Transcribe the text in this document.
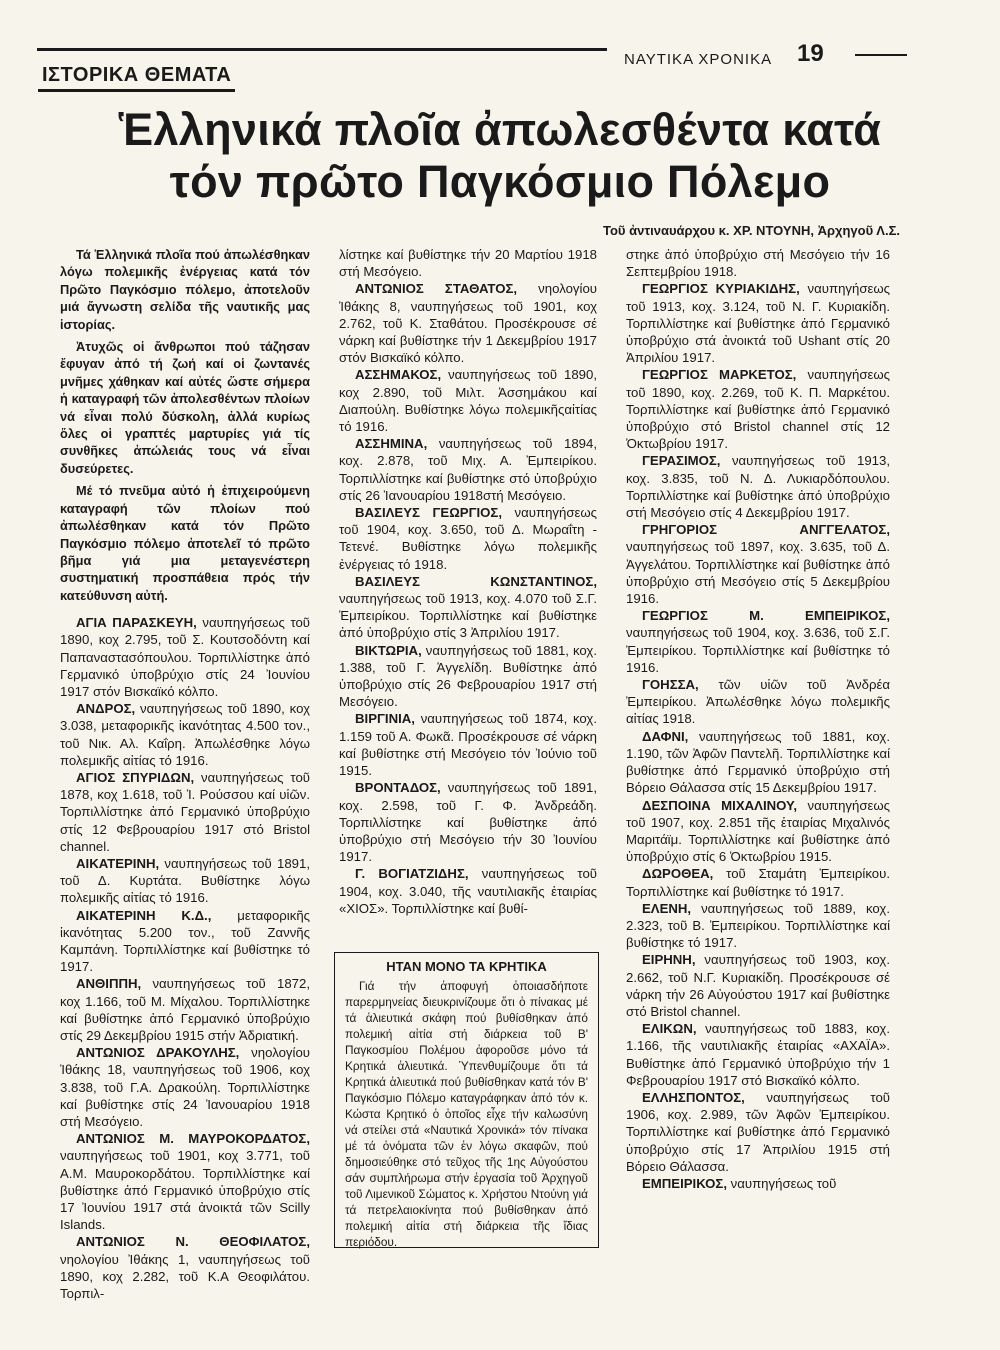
ΝΑΥΤΙΚΑ ΧΡΟΝΙΚΑ 19
ΙΣΤΟΡΙΚΑ ΘΕΜΑΤΑ
Ἑλληνικά πλοῖα ἀπωλεσθέντα κατά
τόν πρῶτο Παγκόσμιο Πόλεμο
Τοῦ ἀντιναυάρχου κ. ΧΡ. ΝΤΟΥΝΗ, Ἀρχηγοῦ Λ.Σ.

Τά Ἑλληνικά πλοῖα πού ἀπωλέσθηκαν λόγω πολεμικῆς ἐνέργειας κατά τόν Πρῶτο Παγκόσμιο πόλεμο, ἀποτελοῦν μιά ἄγνωστη σελίδα τῆς ναυτικῆς μας ἱστορίας.

Ἀτυχῶς οἱ ἄνθρωποι πού τάζησαν ἔφυγαν ἀπό τή ζωή καί οἱ ζωντανές μνῆμες χάθηκαν καί αὐτές ὥστε σήμερα ἡ καταγραφή τῶν ἀπολεσθέντων πλοίων νά εἶναι πολύ δύσκολη, ἀλλά κυρίως ὅλες οἱ γραπτές μαρτυρίες γιά τίς συνθῆκες ἀπώλειάς τους νά εἶναι δυσεύρετες.

Μέ τό πνεῦμα αὐτό ἡ ἐπιχειρούμενη καταγραφή τῶν πλοίων πού ἀπωλέσθηκαν κατά τόν Πρῶτο Παγκόσμιο πόλεμο ἀποτελεῖ τό πρῶτο βῆμα γιά μια μεταγενέστερη συστηματική προσπάθεια πρός τήν κατεύθυνση αὐτή.

ΑΓΙΑ ΠΑΡΑΣΚΕΥΗ, ναυπηγήσεως τοῦ 1890, κοχ 2.795, τοῦ Σ. Κουτσοδόντη καί Παπαναστασόπουλου. Τορπιλλίστηκε ἀπό Γερμανικό ὑποβρύχιο στίς 24 Ἰουνίου 1917 στόν Βισκαϊκό κόλπο.

ΑΝΔΡΟΣ, ναυπηγήσεως τοῦ 1890, κοχ 3.038, μεταφορικῆς ἱκανότητας 4.500 τον., τοῦ Νικ. Αλ. Καΐρη. Ἀπωλέσθηκε λόγω πολεμικῆς αἰτίας τό 1916.

ΑΓΙΟΣ ΣΠΥΡΙΔΩΝ, ναυπηγήσεως τοῦ 1878, κοχ 1.618, τοῦ Ἰ. Ρούσσου καί υἱῶν. Τορπιλλίστηκε ἀπό Γερμανικό ὑποβρύχιο στίς 12 Φεβρουαρίου 1917 στό Bristol channel.

ΑΙΚΑΤΕΡΙΝΗ, ναυπηγήσεως τοῦ 1891, τοῦ Δ. Κυρτάτα. Βυθίστηκε λόγω πολεμικῆς αἰτίας τό 1916.

ΑΙΚΑΤΕΡΙΝΗ Κ.Δ., μεταφορικῆς ἱκανότητας 5.200 τον., τοῦ Ζαννῆς Καμπάνη. Τορπιλλίστηκε καί βυθίστηκε τό 1917.

ΑΝΘΙΠΠΗ, ναυπηγήσεως τοῦ 1872, κοχ 1.166, τοῦ Μ. Μίχαλου. Τορπιλλίστηκε καί βυθίστηκε ἀπό Γερμανικό ὑποβρύχιο στίς 29 Δεκεμβρίου 1915 στήν Ἀδριατική.

ΑΝΤΩΝΙΟΣ ΔΡΑΚΟΥΛΗΣ, νηολογίου Ἰθάκης 18, ναυπηγήσεως τοῦ 1906, κοχ 3.838, τοῦ Γ.Α. Δρακούλη. Τορπιλλίστηκε καί βυθίστηκε στίς 24 Ἰανουαρίου 1918 στή Μεσόγειο.

ΑΝΤΩΝΙΟΣ Μ. ΜΑΥΡΟΚΟΡΔΑΤΟΣ, ναυπηγήσεως τοῦ 1901, κοχ 3.771, τοῦ Α.Μ. Μαυροκορδάτου. Τορπιλλίστηκε καί βυθίστηκε ἀπό Γερμανικό ὑποβρύχιο στίς 17 Ἰουνίου 1917 στά ἀνοικτά τῶν Scilly Islands.

ΑΝΤΩΝΙΟΣ Ν. ΘΕΟΦΙΛΑΤΟΣ, νηολογίου Ἰθάκης 1, ναυπηγήσεως τοῦ 1890, κοχ 2.282, τοῦ Κ.Α Θεοφιλάτου. Τορπιλ-

λίστηκε καί βυθίστηκε τήν 20 Μαρτίου 1918 στή Μεσόγειο.

ΑΝΤΩΝΙΟΣ ΣΤΑΘΑΤΟΣ, νηολογίου Ἰθάκης 8, ναυπηγήσεως τοῦ 1901, κοχ 2.762, τοῦ Κ. Σταθάτου. Προσέκρουσε σέ νάρκη καί βυθίστηκε τήν 1 Δεκεμβρίου 1917 στόν Βισκαϊκό κόλπο.

ΑΣΣΗΜΑΚΟΣ, ναυπηγήσεως τοῦ 1890, κοχ 2.890, τοῦ Μιλτ. Ἀσσημάκου καί Διαπούλη. Βυθίστηκε λόγω πολεμικῆςαἰτίας τό 1916.

ΑΣΣΗΜΙΝΑ, ναυπηγήσεως τοῦ 1894, κοχ. 2.878, τοῦ Μιχ. Α. Ἐμπειρίκου. Τορπιλλίστηκε καί βυθίστηκε στό ὑποβρύχιο στίς 26 Ἰανουαρίου 1918στή Μεσόγειο.

ΒΑΣΙΛΕΥΣ ΓΕΩΡΓΙΟΣ, ναυπηγήσεως τοῦ 1904, κοχ. 3.650, τοῦ Δ. Μωραΐτη - Τετενέ. Βυθίστηκε λόγω πολεμικῆς ἐνέργειας τό 1918.

ΒΑΣΙΛΕΥΣ ΚΩΝΣΤΑΝΤΙΝΟΣ, ναυπηγήσεως τοῦ 1913, κοχ. 4.070 τοῦ Σ.Γ. Ἐμπειρίκου. Τορπιλλίστηκε καί βυθίστηκε ἀπό ὑποβρύχιο στίς 3 Ἀπριλίου 1917.

ΒΙΚΤΩΡΙΑ, ναυπηγήσεως τοῦ 1881, κοχ. 1.388, τοῦ Γ. Ἀγγελίδη. Βυθίστηκε ἀπό ὑποβρύχιο στίς 26 Φεβρουαρίου 1917 στή Μεσόγειο.

ΒΙΡΓΙΝΙΑ, ναυπηγήσεως τοῦ 1874, κοχ. 1.159 τοῦ Α. Φωκᾶ. Προσέκρουσε σέ νάρκη καί βυθίστηκε στή Μεσόγειο τόν Ἰούνιο τοῦ 1915.

ΒΡΟΝΤΑΔΟΣ, ναυπηγήσεως τοῦ 1891, κοχ. 2.598, τοῦ Γ. Φ. Ἀνδρεάδη. Τορπιλλίστηκε καί βυθίστηκε ἀπό ὑποβρύχιο στή Μεσόγειο τήν 30 Ἰουνίου 1917.

Γ. ΒΟΓΙΑΤΖΙΔΗΣ, ναυπηγήσεως τοῦ 1904, κοχ. 3.040, τῆς ναυτιλιακῆς ἑταιρίας «ΧΙΟΣ». Τορπιλλίστηκε καί βυθί-

ΗΤΑΝ ΜΟΝΟ ΤΑ ΚΡΗΤΙΚΑ

Γιά τήν ἀποφυγή ὁποιασδήποτε παρερμηνείας διευκρινίζουμε ὅτι ὁ πίνακας μέ τά ἁλιευτικά σκάφη πού βυθίσθηκαν ἀπό πολεμική αἰτία στή διάρκεια τοῦ Β' Παγκοσμίου Πολέμου ἀφοροῦσε μόνο τά Κρητικά ἁλιευτικά. Ὑπενθυμίζουμε ὅτι τά Κρητικά ἁλιευτικά πού βυθίσθηκαν κατά τόν Β' Παγκόσμιο Πόλεμο καταγράφηκαν ἀπό τόν κ. Κώστα Κρητικό ὁ ὁποῖος εἶχε τήν καλωσύνη νά στείλει στά «Ναυτικά Χρονικά» τόν πίνακα μέ τά ὀνόματα τῶν ἐν λόγω σκαφῶν, πού δημοσιεύθηκε στό τεῦχος τῆς 1ης Αὐγούστου σάν συμπλήρωμα στήν ἐργασία τοῦ Ἀρχηγοῦ τοῦ Λιμενικοῦ Σώματος κ. Χρήστου Ντούνη γιά τά πετρελαιοκίνητα πού βυθίσθηκαν ἀπό πολεμική αἰτία στή διάρκεια τῆς ἴδιας περιόδου.

στηκε ἀπό ὑποβρύχιο στή Μεσόγειο τήν 16 Σεπτεμβρίου 1918.

ΓΕΩΡΓΙΟΣ ΚΥΡΙΑΚΙΔΗΣ, ναυπηγήσεως τοῦ 1913, κοχ. 3.124, τοῦ Ν. Γ. Κυριακίδη. Τορπιλλίστηκε καί βυθίστηκε ἀπό Γερμανικό ὑποβρύχιο στά ἀνοικτά τοῦ Ushant στίς 20 Ἀπριλίου 1917.

ΓΕΩΡΓΙΟΣ ΜΑΡΚΕΤΟΣ, ναυπηγήσεως τοῦ 1890, κοχ. 2.269, τοῦ Κ. Π. Μαρκέτου. Τορπιλλίστηκε καί βυθίστηκε ἀπό Γερμανικό ὑποβρύχιο στό Bristol channel στίς 12 Ὀκτωβρίου 1917.

ΓΕΡΑΣΙΜΟΣ, ναυπηγήσεως τοῦ 1913, κοχ. 3.835, τοῦ Ν. Δ. Λυκιαρδόπουλου. Τορπιλλίστηκε καί βυθίστηκε ἀπό ὑποβρύχιο στή Μεσόγειο στίς 4 Δεκεμβρίου 1917.

ΓΡΗΓΟΡΙΟΣ ΑΝΓΓΕΛΑΤΟΣ, ναυπηγήσεως τοῦ 1897, κοχ. 3.635, τοῦ Δ. Ἀγγελάτου. Τορπιλλίστηκε καί βυθίστηκε ἀπό ὑποβρύχιο στή Μεσόγειο στίς 5 Δεκεμβρίου 1916.

ΓΕΩΡΓΙΟΣ Μ. ΕΜΠΕΙΡΙΚΟΣ, ναυπηγήσεως τοῦ 1904, κοχ. 3.636, τοῦ Σ.Γ. Ἐμπειρίκου. Τορπιλλίστηκε καί βυθίστηκε τό 1916.

ΓΟΗΣΣΑ, τῶν υἱῶν τοῦ Ἀνδρέα Ἐμπειρίκου. Ἀπωλέσθηκε λόγω πολεμικῆς αἰτίας 1918.

ΔΑΦΝΙ, ναυπηγήσεως τοῦ 1881, κοχ. 1.190, τῶν Ἀφῶν Παντελῆ. Τορπιλλίστηκε καί βυθίστηκε ἀπό Γερμανικό ὑποβρύχιο στή Βόρειο Θάλασσα στίς 15 Δεκεμβρίου 1917.

ΔΕΣΠΟΙΝΑ ΜΙΧΑΛΙΝΟΥ, ναυπηγήσεως τοῦ 1907, κοχ. 2.851 τῆς ἑταιρίας Μιχαλινός Μαριτάϊμ. Τορπιλλίστηκε καί βυθίστηκε ἀπό ὑποβρύχιο στίς 6 Ὀκτωβρίου 1915.

ΔΩΡΟΘΕΑ, τοῦ Σταμάτη Ἐμπειρίκου. Τορπιλλίστηκε καί βυθίστηκε τό 1917.

ΕΛΕΝΗ, ναυπηγήσεως τοῦ 1889, κοχ. 2.323, τοῦ Β. Ἐμπειρίκου. Τορπιλλίστηκε καί βυθίστηκε τό 1917.

ΕΙΡΗΝΗ, ναυπηγήσεως τοῦ 1903, κοχ. 2.662, τοῦ Ν.Γ. Κυριακίδη. Προσέκρουσε σέ νάρκη τήν 26 Αὐγούστου 1917 καί βυθίστηκε στό Bristol channel.

ΕΛΙΚΩΝ, ναυπηγήσεως τοῦ 1883, κοχ. 1.166, τῆς ναυτιλιακῆς ἑταιρίας «ΑΧΑΪΑ». Βυθίστηκε ἀπό Γερμανικό ὑποβρύχιο τήν 1 Φεβρουαρίου 1917 στό Βισκαϊκό κόλπο.

ΕΛΛΗΣΠΟΝΤΟΣ, ναυπηγήσεως τοῦ 1906, κοχ. 2.989, τῶν Ἀφῶν Ἐμπειρίκου. Τορπιλλίστηκε καί βυθίστηκε ἀπό Γερμανικό ὑποβρύχιο στίς 17 Ἀπριλίου 1915 στή Βόρειο Θάλασσα.

ΕΜΠΕΙΡΙΚΟΣ, ναυπηγήσεως τοῦ
